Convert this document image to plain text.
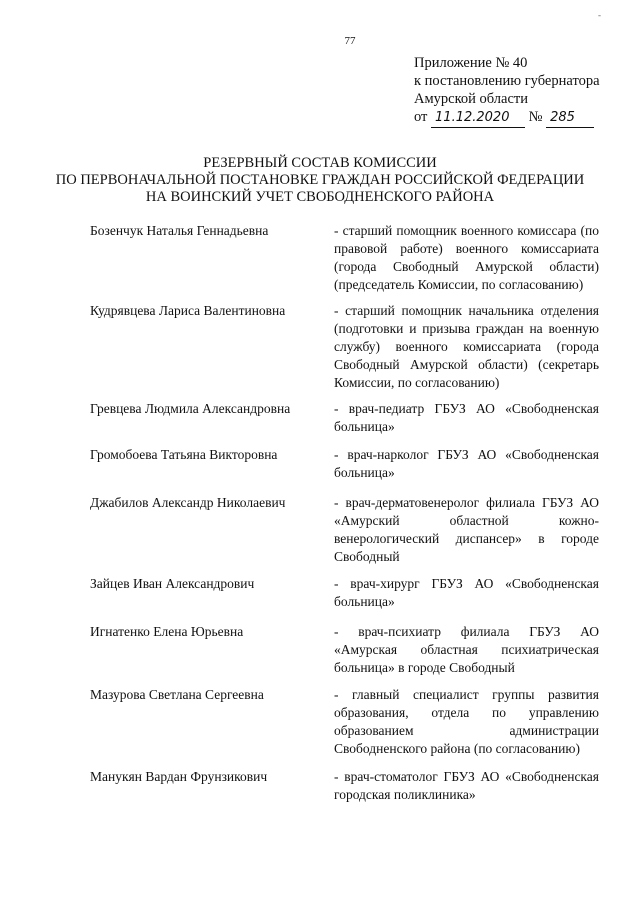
-
77
Приложение № 40
к постановлению губернатора
Амурской области
от 11.12.2020 № 285
РЕЗЕРВНЫЙ СОСТАВ КОМИССИИ
ПО ПЕРВОНАЧАЛЬНОЙ ПОСТАНОВКЕ ГРАЖДАН РОССИЙСКОЙ ФЕДЕРАЦИИ
НА ВОИНСКИЙ УЧЕТ СВОБОДНЕНСКОГО РАЙОНА
Бозенчук Наталья Геннадьевна	- старший помощник военного комиссара (по правовой работе) военного комиссариата (города Свободный Амурской области) (председатель Комиссии, по согласованию)
Кудрявцева Лариса Валентиновна	- старший помощник начальника отделения (подготовки и призыва граждан на военную службу) военного комиссариата (города Свободный Амурской области) (секретарь Комиссии, по согласованию)
Гревцева Людмила Александровна	- врач-педиатр ГБУЗ АО «Свободненская больница»
Громобоева Татьяна Викторовна	- врач-нарколог ГБУЗ АО «Свободненская больница»
Джабилов Александр Николаевич	- врач-дерматовенеролог филиала ГБУЗ АО «Амурский областной кожно-венерологический диспансер» в городе Свободный
Зайцев Иван Александрович	- врач-хирург ГБУЗ АО «Свободненская больница»
Игнатенко Елена Юрьевна	- врач-психиатр филиала ГБУЗ АО «Амурская областная психиатрическая больница» в городе Свободный
Мазурова Светлана Сергеевна	- главный специалист группы развития образования, отдела по управлению образованием администрации Свободненского района (по согласованию)
Манукян Вардан Фрунзикович	- врач-стоматолог ГБУЗ АО «Свободненская городская поликлиника»
